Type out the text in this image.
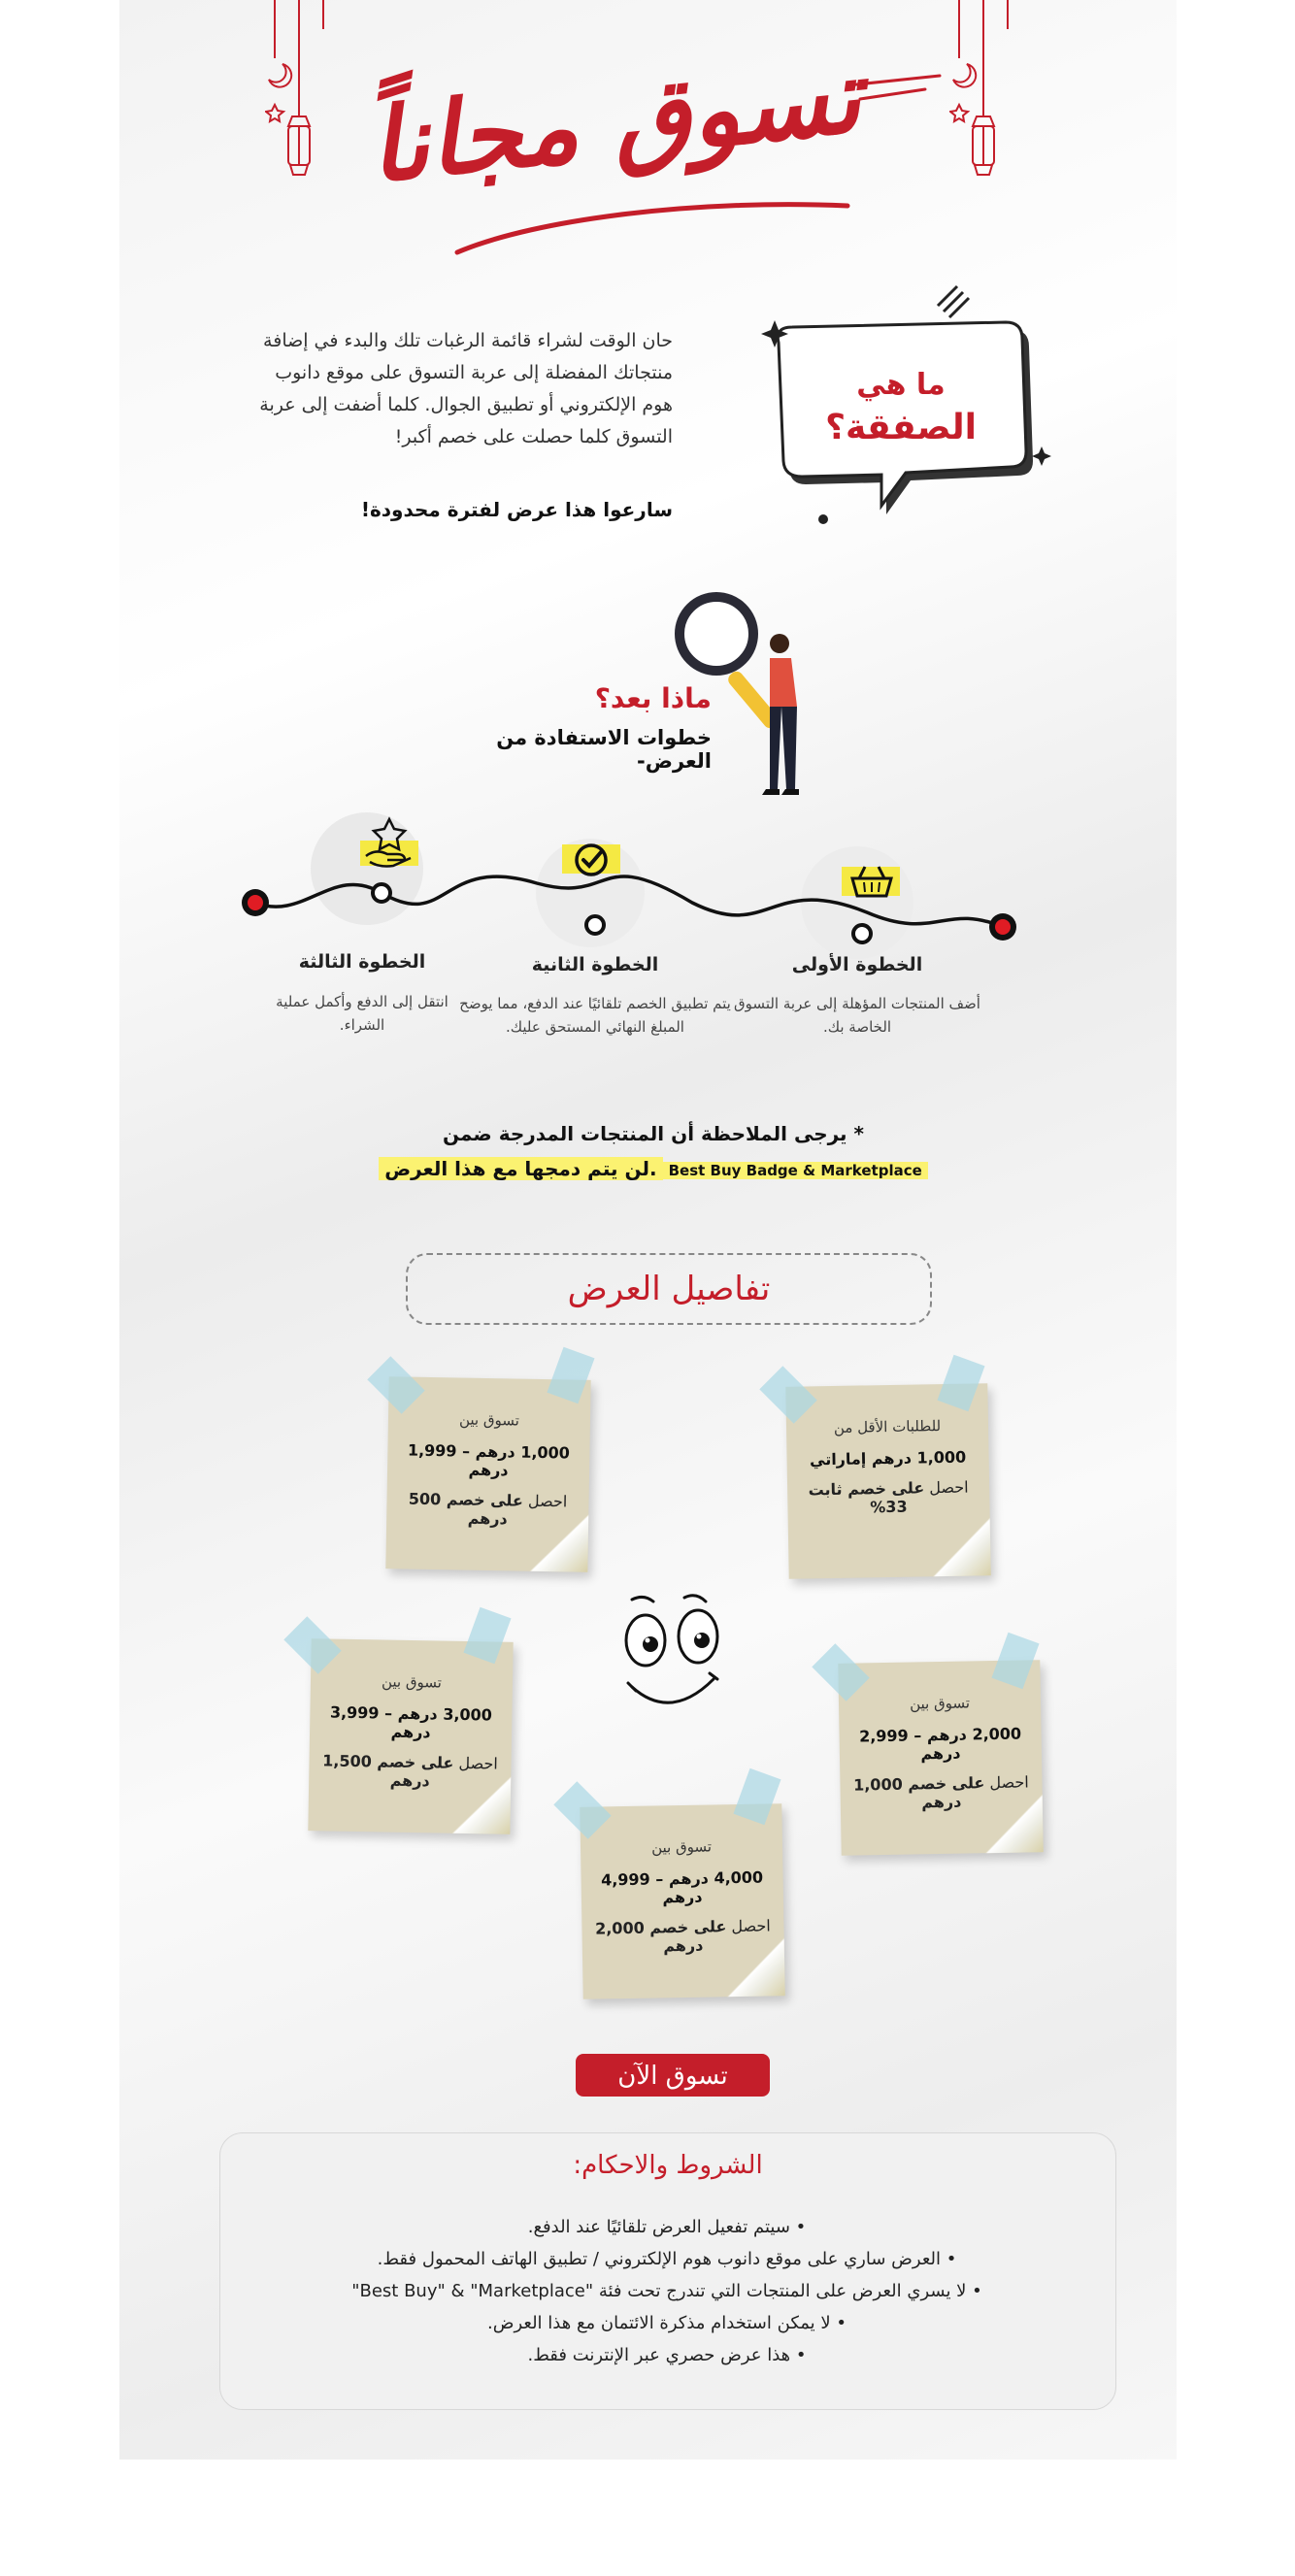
تسوق مجاناً
حان الوقت لشراء قائمة الرغبات تلك والبدء في إضافة منتجاتك المفضلة إلى عربة التسوق على موقع دانوب هوم الإلكتروني أو تطبيق الجوال. كلما أضفت إلى عربة التسوق كلما حصلت على خصم أكبر!
سارعوا هذا عرض لفترة محدودة!
ما هي
الصفقة؟
ماذا بعد؟
خطوات الاستفادة من العرض-
الخطوة الأولى
أضف المنتجات المؤهلة إلى عربة التسوق الخاصة بك.
الخطوة الثانية
يتم تطبيق الخصم تلقائيًا عند الدفع، مما يوضح المبلغ النهائي المستحق عليك.
الخطوة الثالثة
انتقل إلى الدفع وأكمل عملية الشراء.
* يرجى الملاحظة أن المنتجات المدرجة ضمن
لن يتم دمجها مع هذا العرض. Best Buy Badge & Marketplace
تفاصيل العرض
للطلبات الأقل من
1,000 درهم إماراتي
احصل على خصم ثابت 33%
تسوق بين
1,000 درهم – 1,999 درهم
احصل على خصم 500 درهم
تسوق بين
2,000 درهم – 2,999 درهم
احصل على خصم 1,000 درهم
تسوق بين
3,000 درهم – 3,999 درهم
احصل على خصم 1,500 درهم
تسوق بين
4,000 درهم – 4,999 درهم
احصل على خصم 2,000 درهم
تسوق الآن
الشروط والاحكام:
• سيتم تفعيل العرض تلقائيًا عند الدفع.
• العرض ساري على موقع دانوب هوم الإلكتروني / تطبيق الهاتف المحمول فقط.
• لا يسري العرض على المنتجات التي تندرج تحت فئة "Best Buy" & "Marketplace"
• لا يمكن استخدام مذكرة الائتمان مع هذا العرض.
• هذا عرض حصري عبر الإنترنت فقط.
